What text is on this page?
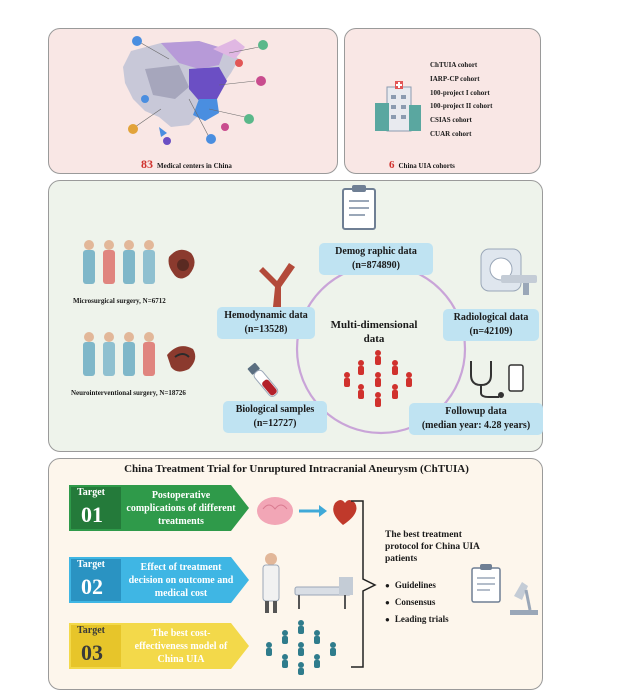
83 Medical centers in China
ChTUIA cohort
IARP-CP cohort
100-project I cohort
100-project II cohort
CSIAS cohort
CUAR cohort
6 China UIA cohorts
Microsurgical surgery, N=6712
Neurointerventional surgery, N=18726
Multi-dimensional data
Demog raphic data
(n=874890)
Hemodynamic data
(n=13528)
Radiological data
(n=42109)
Biological samples
(n=12727)
Followup data
(median year: 4.28 years)
China Treatment Trial for Unruptured Intracranial Aneurysm (ChTUIA)
Target
01
Postoperative complications of different treatments
Target
02
Effect of treatment decision on outcome and medical cost
Target
03
The best cost-effectiveness model of China UIA
The best treatment protocol for China UIA patients
● Guidelines
● Consensus
● Leading trials
